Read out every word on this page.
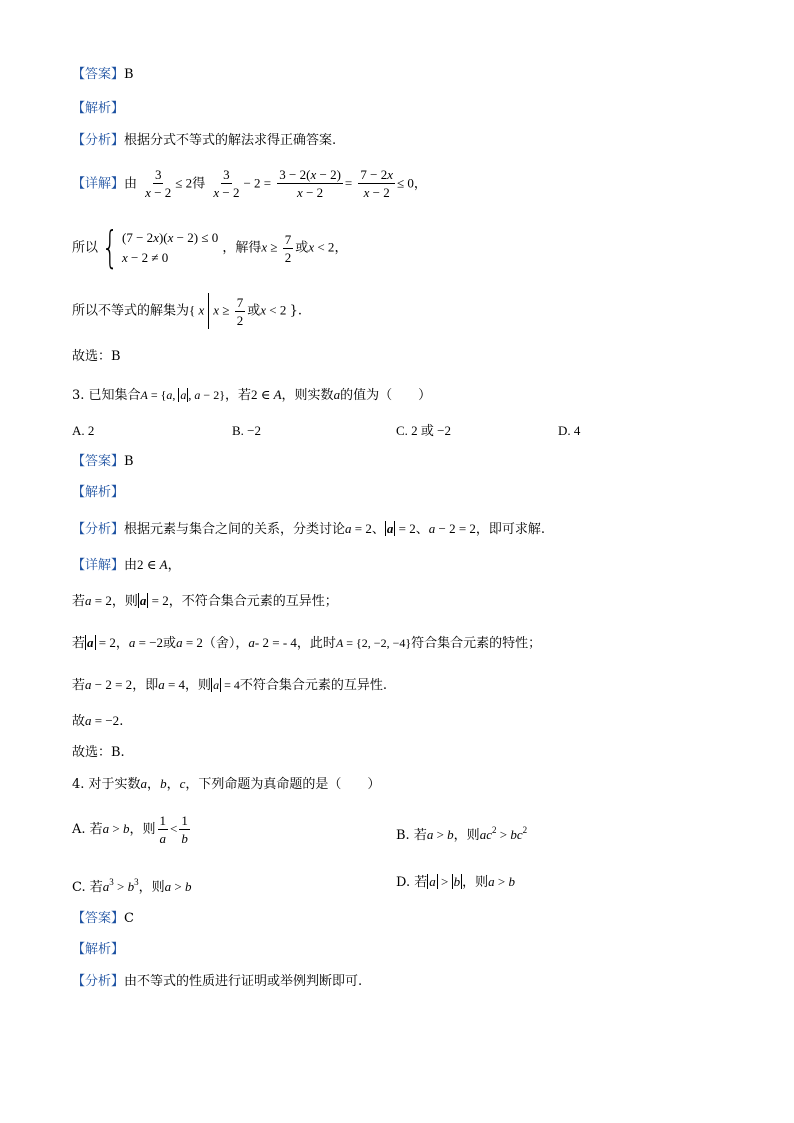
【答案】B
【解析】
【分析】根据分式不等式的解法求得正确答案.
【详解】由 $\frac{3}{x - 2} \le 2$得 $\frac{3}{x - 2} - 2 = \frac{3 - 2(x - 2)}{x - 2} = \frac{7 - 2x}{x - 2} \le 0$，
所以{ (7 − 2x)(x − 2) ≤ 0
x − 2 ≠ 0
，解得$x \ge \frac{7}{2}$ 或x < 2，
所以不等式的解集为{ x $x \ge \frac{7}{2}$ 或x < 2 }.
故选：B
3. 已知集合A = {a, a , a − 2}，若2 ∈ A，则实数a的值为（　　）
A. 2	B. −2	C. 2 或 −2	D. 4
【答案】B
【解析】
【分析】根据元素与集合之间的关系，分类讨论a = 2、 a = 2、a − 2 = 2，即可求解.
【详解】由2 ∈ A，
若a = 2，则 a = 2，不符合集合元素的互异性；
若 a = 2，a = −2或a = 2（舍），a- 2 = - 4，此时A = {2, −2, −4}符合集合元素的特性；
若a − 2 = 2，即a = 4，则 a = 4不符合集合元素的互异性.
故a = −2.
故选：B.
4. 对于实数a，b，c，下列命题为真命题的是（　　）
A. 若a > b，则 $\frac{1}{a} < \frac{1}{b}$	B. 若a > b，则$ac^2 > bc^2$
C. 若$a^3 > b^3$，则a > b	D. 若 a > b ，则a > b
【答案】C
【解析】
【分析】由不等式的性质进行证明或举例判断即可.
